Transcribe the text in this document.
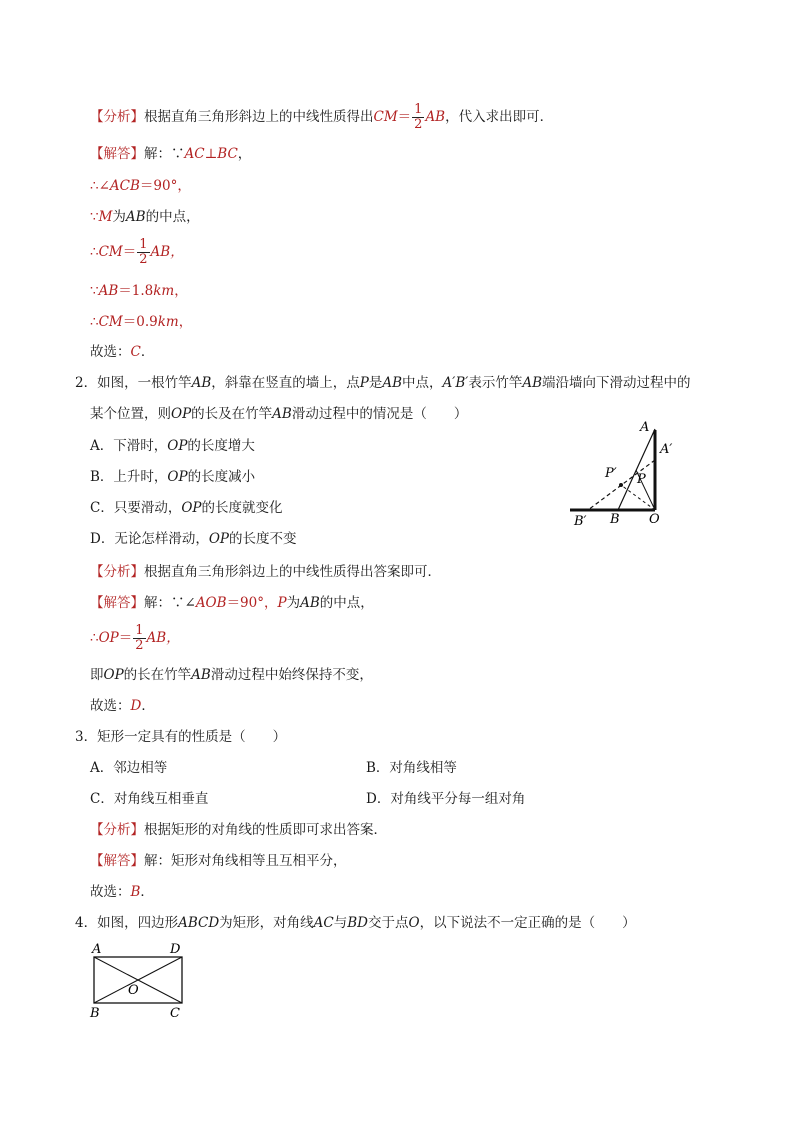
【分析】根据直角三角形斜边上的中线性质得出$CM= \frac{1}{2}$ AB，代入求出即可．
【解答】解：∵AC⊥BC，
∴∠ACB＝90°，
∵M为AB的中点，
∴CM＝ $\frac{1}{2}$ AB，
∵AB＝1.8km，
∴CM＝0.9km，
故选：C．
2．如图，一根竹竿AB，斜靠在竖直的墙上，点P是AB中点，A′B′表示竹竿AB端沿墙向下滑动过程中的
某个位置，则OP的长及在竹竿AB滑动过程中的情况是（　　）
A．下滑时，OP的长度增大
B．上升时，OP的长度减小
C．只要滑动，OP的长度就变化
D．无论怎样滑动，OP的长度不变
A
A′
P′ P
B′ B O
【分析】根据直角三角形斜边上的中线性质得出答案即可．
【解答】解：∵∠AOB＝90°，P为AB的中点，
∴OP＝ $\frac{1}{2}$ AB，
即OP的长在竹竿AB滑动过程中始终保持不变，
故选：D．
3．矩形一定具有的性质是（　　）
A．邻边相等	B．对角线相等
C．对角线互相垂直	D．对角线平分每一组对角
【分析】根据矩形的对角线的性质即可求出答案．
【解答】解：矩形对角线相等且互相平分，
故选：B．
4．如图，四边形ABCD为矩形，对角线AC与BD交于点O，以下说法不一定正确的是（　　）
A	D
O
B	C
